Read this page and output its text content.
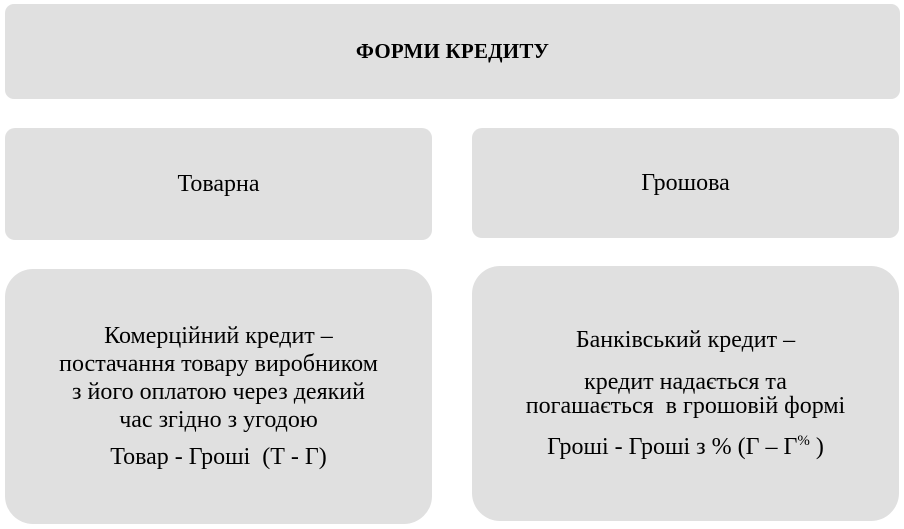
ФОРМИ КРЕДИТУ
Товарна	Грошова
Комерційний кредит –
постачання товару виробником
з його оплатою через деякий
час згідно з угодою
Товар - Гроші  (Т - Г)
Банківський кредит –
кредит надається та
погашається  в грошовій формі
Гроші - Гроші з % (Г – Г% )
